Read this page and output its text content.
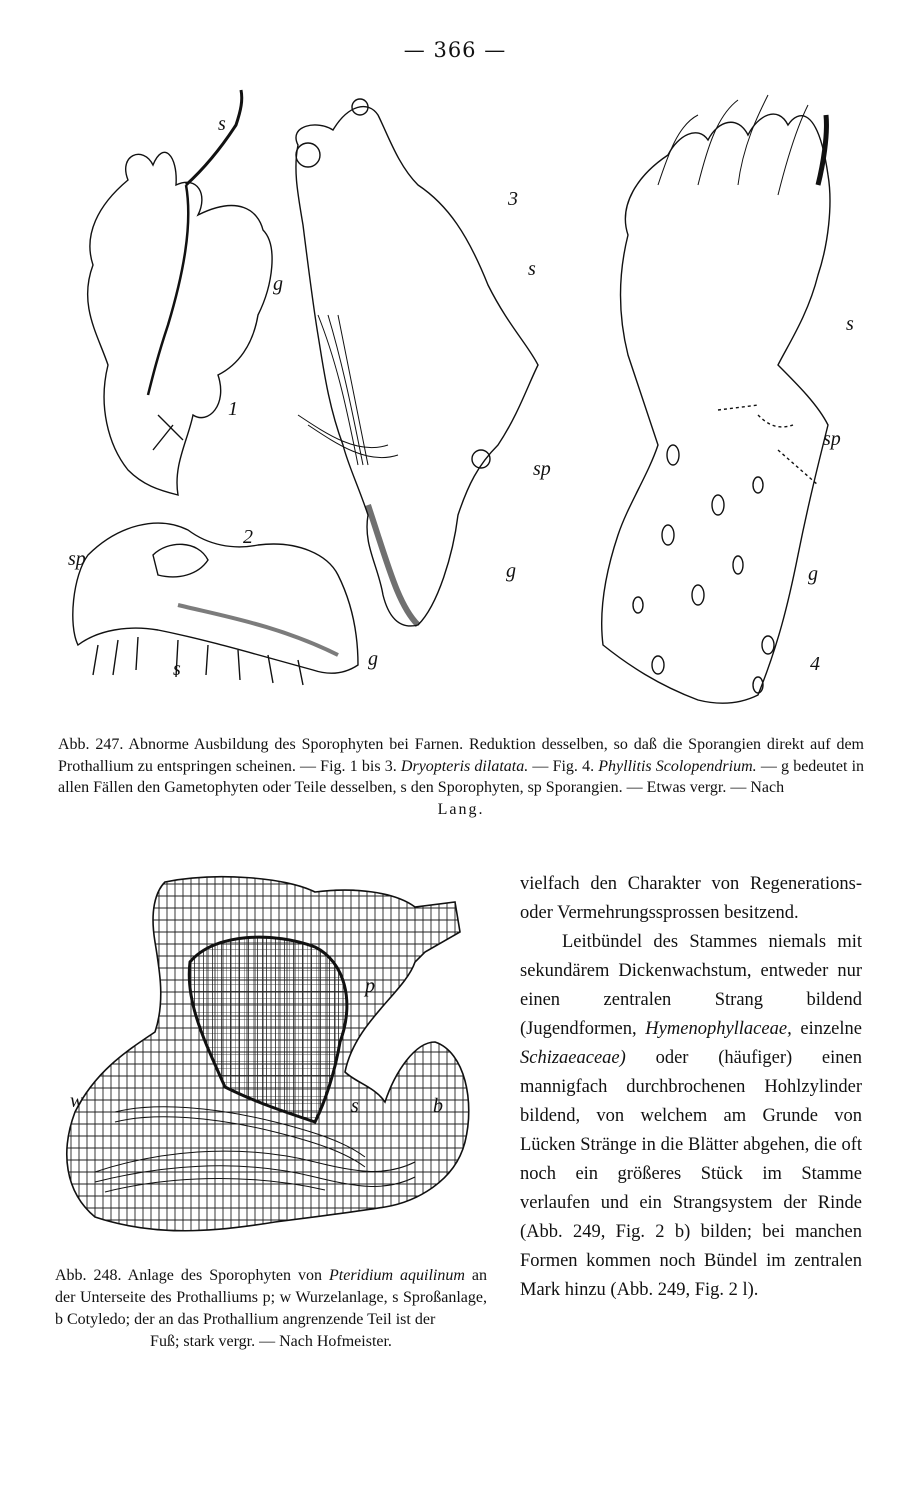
— 366 —
s
g
1
2
sp
s	g
3
s
sp
g
s
sp
g
4
Abb. 247. Abnorme Ausbildung des Sporophyten bei Farnen. Reduktion desselben, so daß die Sporangien direkt auf dem Prothallium zu entspringen scheinen. — Fig. 1 bis 3. Dryopteris dilatata. — Fig. 4. Phyllitis Scolopendrium. — g bedeutet in allen Fällen den Gametophyten oder Teile desselben, s den Sporophyten, sp Sporangien. — Etwas vergr. — Nach
Lang.
p
w	s	b
Abb. 248. Anlage des Sporophyten von Pteridium aquilinum an der Unterseite des Prothalliums p; w Wurzelanlage, s Sproßanlage, b Cotyledo; der an das Prothallium angrenzende Teil ist der
Fuß; stark vergr. — Nach Hofmeister.

vielfach den Charakter von Regenerations- oder Vermehrungssprossen besitzend.

Leitbündel des Stammes niemals mit sekundärem Dickenwachstum, entweder nur einen zentralen Strang bildend (Jugendformen, Hymenophyllaceae, einzelne Schizaeaceae) oder (häufiger) einen mannigfach durchbrochenen Hohlzylinder bildend, von welchem am Grunde von Lücken Stränge in die Blätter abgehen, die oft noch ein größeres Stück im Stamme verlaufen und ein Strangsystem der Rinde (Abb. 249, Fig. 2 b) bilden; bei manchen Formen kommen noch Bündel im zentralen Mark hinzu (Abb. 249, Fig. 2 l).
